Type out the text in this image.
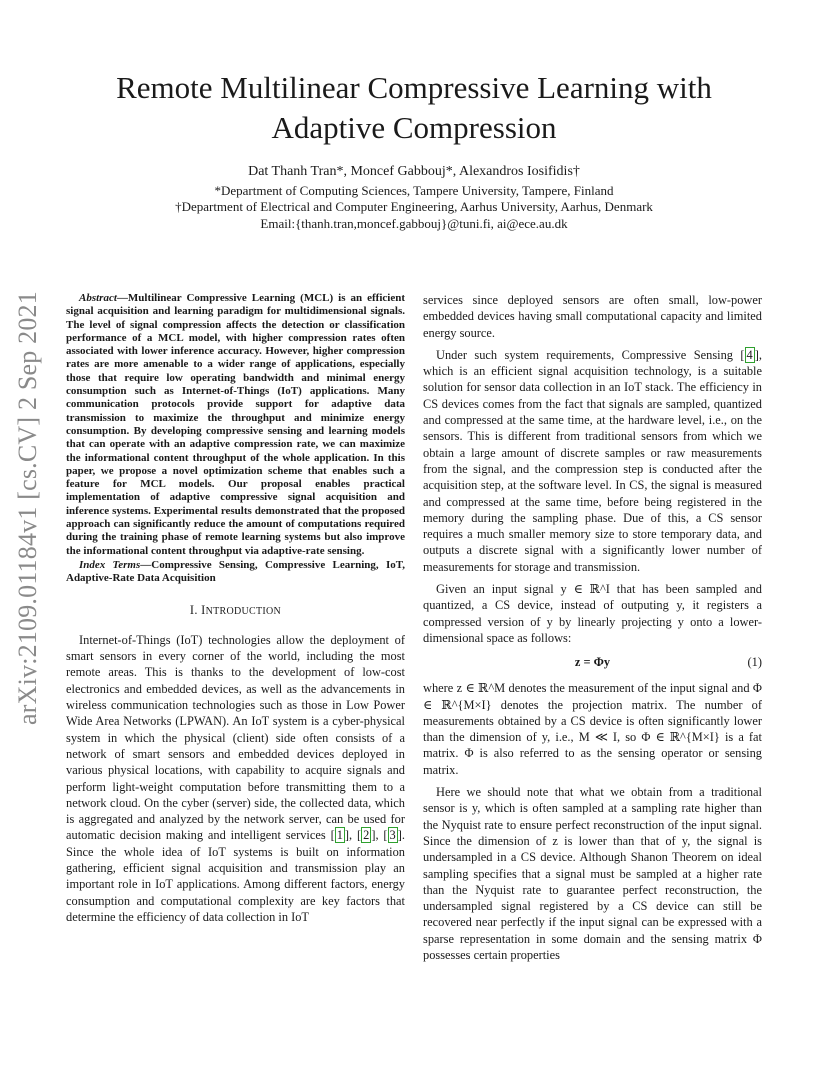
Remote Multilinear Compressive Learning with Adaptive Compression
Dat Thanh Tran*, Moncef Gabbouj*, Alexandros Iosifidis†
*Department of Computing Sciences, Tampere University, Tampere, Finland
†Department of Electrical and Computer Engineering, Aarhus University, Aarhus, Denmark
Email:{thanh.tran,moncef.gabbouj}@tuni.fi, ai@ece.au.dk
arXiv:2109.01184v1 [cs.CV] 2 Sep 2021	Abstract—Multilinear Compressive Learning (MCL) is an efficient signal acquisition and learning paradigm for multidimensional signals. The level of signal compression affects the detection or classification performance of a MCL model, with higher compression rates often associated with lower inference accuracy. However, higher compression rates are more amenable to a wider range of applications, especially those that require low operating bandwidth and minimal energy consumption such as Internet-of-Things (IoT) applications. Many communication protocols provide support for adaptive data transmission to maximize the throughput and minimize energy consumption. By developing compressive sensing and learning models that can operate with an adaptive compression rate, we can maximize the informational content throughput of the whole application. In this paper, we propose a novel optimization scheme that enables such a feature for MCL models. Our proposal enables practical implementation of adaptive compressive signal acquisition and inference systems. Experimental results demonstrated that the proposed approach can significantly reduce the amount of computations required during the training phase of remote learning systems but also improve the informational content throughput via adaptive-rate sensing.

Index Terms—Compressive Sensing, Compressive Learning, IoT, Adaptive-Rate Data Acquisition

I. INTRODUCTION

Internet-of-Things (IoT) technologies allow the deployment of smart sensors in every corner of the world, including the most remote areas. This is thanks to the development of low-cost electronics and embedded devices, as well as the advancements in wireless communication technologies such as those in Low Power Wide Area Networks (LPWAN). An IoT system is a cyber-physical system in which the physical (client) side often consists of a network of smart sensors and embedded devices deployed in various physical locations, with capability to acquire signals and perform light-weight computation before transmitting them to a network cloud. On the cyber (server) side, the collected data, which is aggregated and analyzed by the network server, can be used for automatic decision making and intelligent services [ 1 ], [ 2 ], [ 3 ]. Since the whole idea of IoT systems is built on information gathering, efficient signal acquisition and transmission play an important role in IoT applications. Among different factors, energy consumption and computational complexity are key factors that determine the efficiency of data collection in IoT

services since deployed sensors are often small, low-power embedded devices having small computational capacity and limited energy source.

Under such system requirements, Compressive Sensing [ 4 ], which is an efficient signal acquisition technology, is a suitable solution for sensor data collection in an IoT stack. The efficiency in CS devices comes from the fact that signals are sampled, quantized and compressed at the same time, at the hardware level, i.e., on the sensors. This is different from traditional sensors from which we obtain a large amount of discrete samples or raw measurements from the signal, and the compression step is conducted after the acquisition step, at the software level. In CS, the signal is measured and compressed at the same time, before being registered in the memory during the sampling phase. Due of this, a CS sensor requires a much smaller memory size to store temporary data, and outputs a discrete signal with a significantly lower number of measurements for storage and transmission.

Given an input signal y ∈ ℝ^I that has been sampled and quantized, a CS device, instead of outputing y, it registers a compressed version of y by linearly projecting y onto a lower-dimensional space as follows:

z = Φy	(1)

where z ∈ ℝ^M denotes the measurement of the input signal and Φ ∈ ℝ^{M×I} denotes the projection matrix. The number of measurements obtained by a CS device is often significantly lower than the dimension of y, i.e., M ≪ I, so Φ ∈ ℝ^{M×I} is a fat matrix. Φ is also referred to as the sensing operator or sensing matrix.

Here we should note that what we obtain from a traditional sensor is y, which is often sampled at a sampling rate higher than the Nyquist rate to ensure perfect reconstruction of the input signal. Since the dimension of z is lower than that of y, the signal is undersampled in a CS device. Although Shanon Theorem on ideal sampling specifies that a signal must be sampled at a higher rate than the Nyquist rate to guarantee perfect reconstruction, the undersampled signal registered by a CS device can still be recovered near perfectly if the input signal can be expressed with a sparse representation in some domain and the sensing matrix Φ possesses certain properties
